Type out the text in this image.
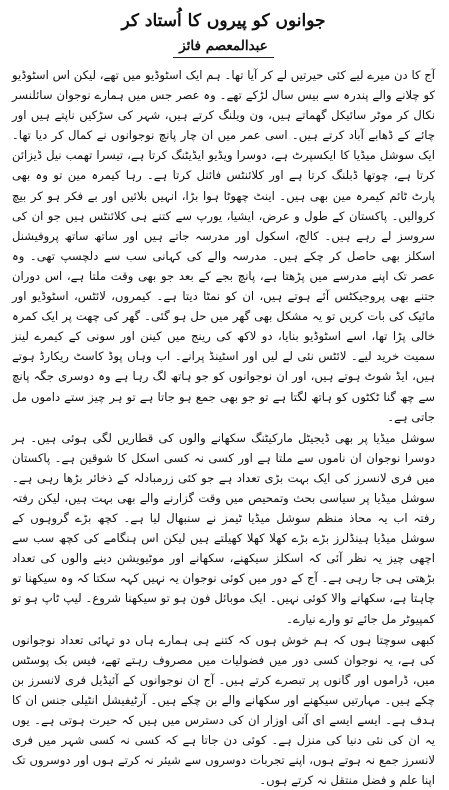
جوانوں کو پیروں کا اُستاد کر
عبدالمعصم فائز

آج کا دن میرے لیے کئی حیرتیں لے کر آیا تھا۔ ہم ایک اسٹوڈیو میں تھے، لیکن اس اسٹوڈیو کو چلانے والے پندرہ سے بیس سال لڑکے تھے۔ وہ عصر جس میں ہمارے نوجوان سائلنسر نکال کر موٹر سائیکل گھماتے ہیں، ون ویلنگ کرتے ہیں، شہر کی سڑکیں ناپتے ہیں اور چائے کے ڈھابے آباد کرتے ہیں۔ اسی عمر میں ان چار پانچ نوجوانوں نے کمال کر دیا تھا۔ ایک سوشل میڈیا کا ایکسپرٹ ہے، دوسرا ویڈیو ایڈیٹنگ کرتا ہے، تیسرا تھمب نیل ڈیزائن کرتا ہے، چوتھا ڈبلنگ کرتا ہے اور کلائنٹس فائنل کرتا ہے۔ رہا کیمرہ مین تو وہ بھی پارٹ ٹائم کیمرہ مین بھی ہیں۔ اینٹ چھوٹا ہوا بڑا، انہیں بلائیں اور بے فکر ہو کر بیچ کروالیں۔ پاکستان کے طول و عرض، ایشیا، یورپ سے کتنے ہی کلائنٹس ہیں جو ان کی سروسز لے رہے ہیں۔ کالج، اسکول اور مدرسہ جاتے ہیں اور ساتھ ساتھ پروفیشنل اسکلز بھی حاصل کر چکے ہیں۔ مدرسہ والے کی کہانی سب سے دلچسپ تھی۔ وہ عصر تک اپنے مدرسے میں پڑھتا ہے، پانچ بجے کے بعد جو بھی وقت ملتا ہے، اس دوران جتنے بھی پروجیکٹس آئے ہوتے ہیں، ان کو نمٹا دیتا ہے۔ کیمروں، لائٹس، اسٹوڈیو اور مائیک کی بات کریں تو یہ مشکل بھی گھر میں حل ہو گئی۔ گھر کی چھت پر ایک کمرہ خالی پڑا تھا، اسے اسٹوڈیو بنایا، دو لاکھ کی رینج میں کینن اور سونی کے کیمرے لینز سمیت خرید لیے۔ لائٹس نئی لے لیں اور اسٹینڈ پرانے۔ اب وہاں پوڈ کاسٹ ریکارڈ ہوتے ہیں، ایڈ شوٹ ہوتے ہیں، اور ان نوجوانوں کو جو ہاتھ لگ رہا ہے وہ دوسری جگہ پانچ سے چھ گنا ٹکٹوں کو ہاتھ لگتا ہے تو جو بھی جمع ہو جاتا ہے تو ہر چیز ستے داموں مل جاتی ہے۔

سوشل میڈیا پر بھی ڈیجیٹل مارکیٹنگ سکھانے والوں کی قطاریں لگی ہوئی ہیں۔ ہر دوسرا نوجوان ان ناموں سے ملتا ہے اور کسی نہ کسی اسکل کا شوقین ہے۔ پاکستان میں فری لانسرز کی ایک بہت بڑی تعداد ہے جو کئی زرمبادلہ کے ذخائر بڑھا رہی ہے۔ سوشل میڈیا پر سیاسی بحث وتمحیص میں وقت گزارنے والے بھی بہت ہیں، لیکن رفتہ رفتہ اب یہ محاذ منظم سوشل میڈیا ٹیمز نے سنبھال لیا ہے۔ کچھ بڑے گروہوں کے سوشل میڈیا ہینڈلرز بڑے بڑے کھلا کھلا کھیلتے ہیں لیکن اس ہنگامے کی کچھ سب سے اچھی چیز یہ نظر آئی کہ اسکلز سیکھنے، سکھانے اور موٹیویشن دینے والوں کی تعداد بڑھتی ہی جا رہی ہے۔ آج کے دور میں کوئی نوجوان یہ نہیں کہہ سکتا کہ وہ سیکھنا تو چاہتا ہے، سکھانے والا کوئی نہیں۔ ایک موبائل فون ہو تو سیکھنا شروع۔ لیپ ٹاپ ہو تو کمپیوٹر مل جائے تو وارے نیارے۔

کبھی سوچتا ہوں کہ ہم خوش ہوں کہ کتنے ہی ہمارے ہاں دو تہائی تعداد نوجوانوں کی ہے، یہ نوجوان کسی دور میں فضولیات میں مصروف رہتے تھے، فیس بک پوسٹس میں، ڈراموں اور گانوں پر تبصرے کرتے ہیں۔ آج ان نوجوانوں کے آئیڈیل فری لانسرز بن چکے ہیں۔ مہارتیں سیکھنے اور سکھانے والے بن چکے ہیں۔ آرٹیفیشل انٹیلی جنس ان کا ہدف ہے۔ ایسے ایسے ای آئی اوزار ان کی دسترس میں ہیں کہ حیرت ہوتی ہے۔ یوں یہ ان کی نئی دنیا کی منزل ہے۔ کوئی دن جاتا ہے کہ کسی نہ کسی شہر میں فری لانسرز جمع نہ ہوتے ہوں، اپنے تجربات دوسروں سے شیئر نہ کرتے ہوں اور دوسروں تک اپنا علم و فضل منتقل نہ کرتے ہوں۔
